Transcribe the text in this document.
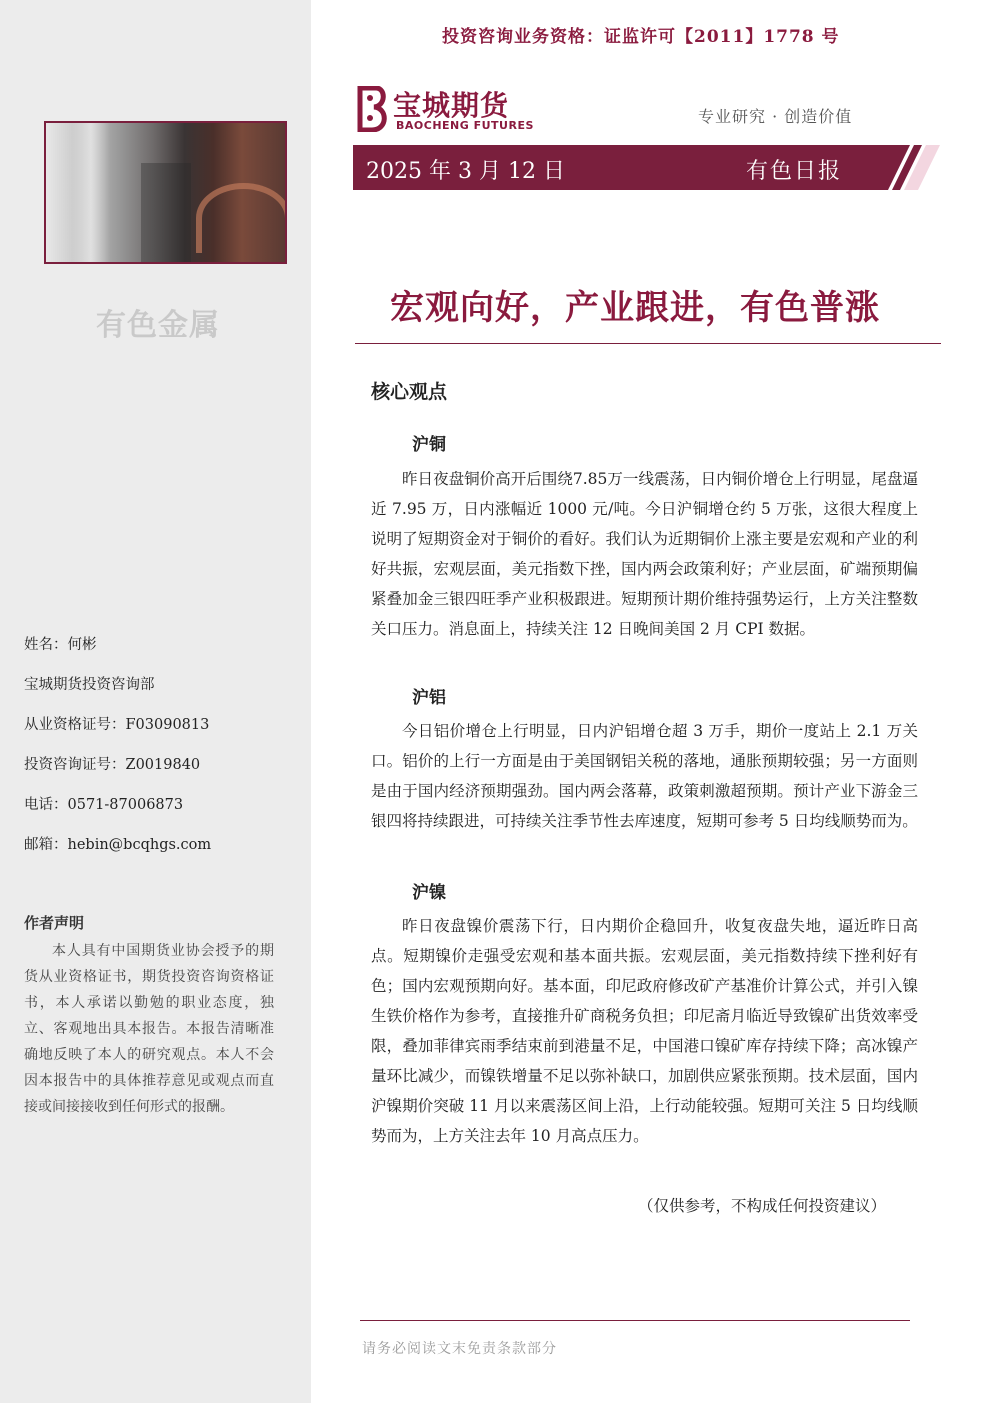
有色金属
姓名：何彬
宝城期货投资咨询部
从业资格证号：F03090813
投资咨询证号：Z0019840
电话：0571-87006873
邮箱：hebin@bcqhgs.com
作者声明
本人具有中国期货业协会授予的期货从业资格证书，期货投资咨询资格证书，本人承诺以勤勉的职业态度，独立、客观地出具本报告。本报告清晰准确地反映了本人的研究观点。本人不会因本报告中的具体推荐意见或观点而直接或间接接收到任何形式的报酬。
投资咨询业务资格：证监许可【2011】1778 号
宝城期货
BAOCHENG FUTURES	专业研究 · 创造价值
2025 年 3 月 12 日	有色日报
宏观向好，产业跟进，有色普涨
核心观点
沪铜
昨日夜盘铜价高开后围绕7.85万一线震荡，日内铜价增仓上行明显，尾盘逼近 7.95 万，日内涨幅近 1000 元/吨。今日沪铜增仓约 5 万张，这很大程度上说明了短期资金对于铜价的看好。我们认为近期铜价上涨主要是宏观和产业的利好共振，宏观层面，美元指数下挫，国内两会政策利好；产业层面，矿端预期偏紧叠加金三银四旺季产业积极跟进。短期预计期价维持强势运行，上方关注整数关口压力。消息面上，持续关注 12 日晚间美国 2 月 CPI 数据。
沪铝
今日铝价增仓上行明显，日内沪铝增仓超 3 万手，期价一度站上 2.1 万关口。铝价的上行一方面是由于美国钢铝关税的落地，通胀预期较强；另一方面则是由于国内经济预期强劲。国内两会落幕，政策刺激超预期。预计产业下游金三银四将持续跟进，可持续关注季节性去库速度，短期可参考 5 日均线顺势而为。
沪镍
昨日夜盘镍价震荡下行，日内期价企稳回升，收复夜盘失地，逼近昨日高点。短期镍价走强受宏观和基本面共振。宏观层面，美元指数持续下挫利好有色；国内宏观预期向好。基本面，印尼政府修改矿产基准价计算公式，并引入镍生铁价格作为参考，直接推升矿商税务负担；印尼斋月临近导致镍矿出货效率受限，叠加菲律宾雨季结束前到港量不足，中国港口镍矿库存持续下降；高冰镍产量环比减少，而镍铁增量不足以弥补缺口，加剧供应紧张预期。技术层面，国内沪镍期价突破 11 月以来震荡区间上沿，上行动能较强。短期可关注 5 日均线顺势而为，上方关注去年 10 月高点压力。
（仅供参考，不构成任何投资建议）
请务必阅读文末免责条款部分
